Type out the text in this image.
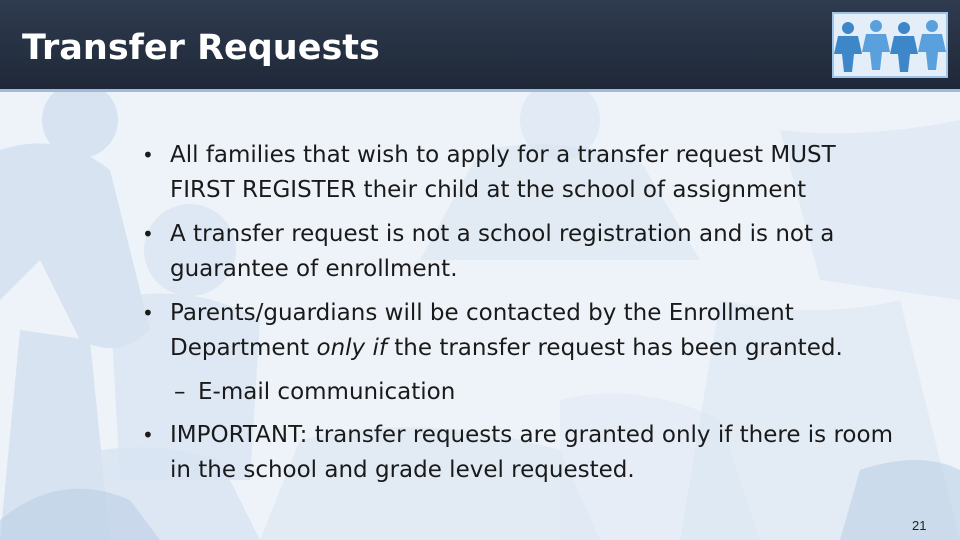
Transfer Requests
• All families that wish to apply for a transfer request MUST FIRST REGISTER their child at the school of assignment
• A transfer request is not a school registration and is not a guarantee of enrollment.
• Parents/guardians will be contacted by the Enrollment Department only if the transfer request has been granted.
– E-mail communication
• IMPORTANT: transfer requests are granted only if there is room in the school and grade level requested.
21
